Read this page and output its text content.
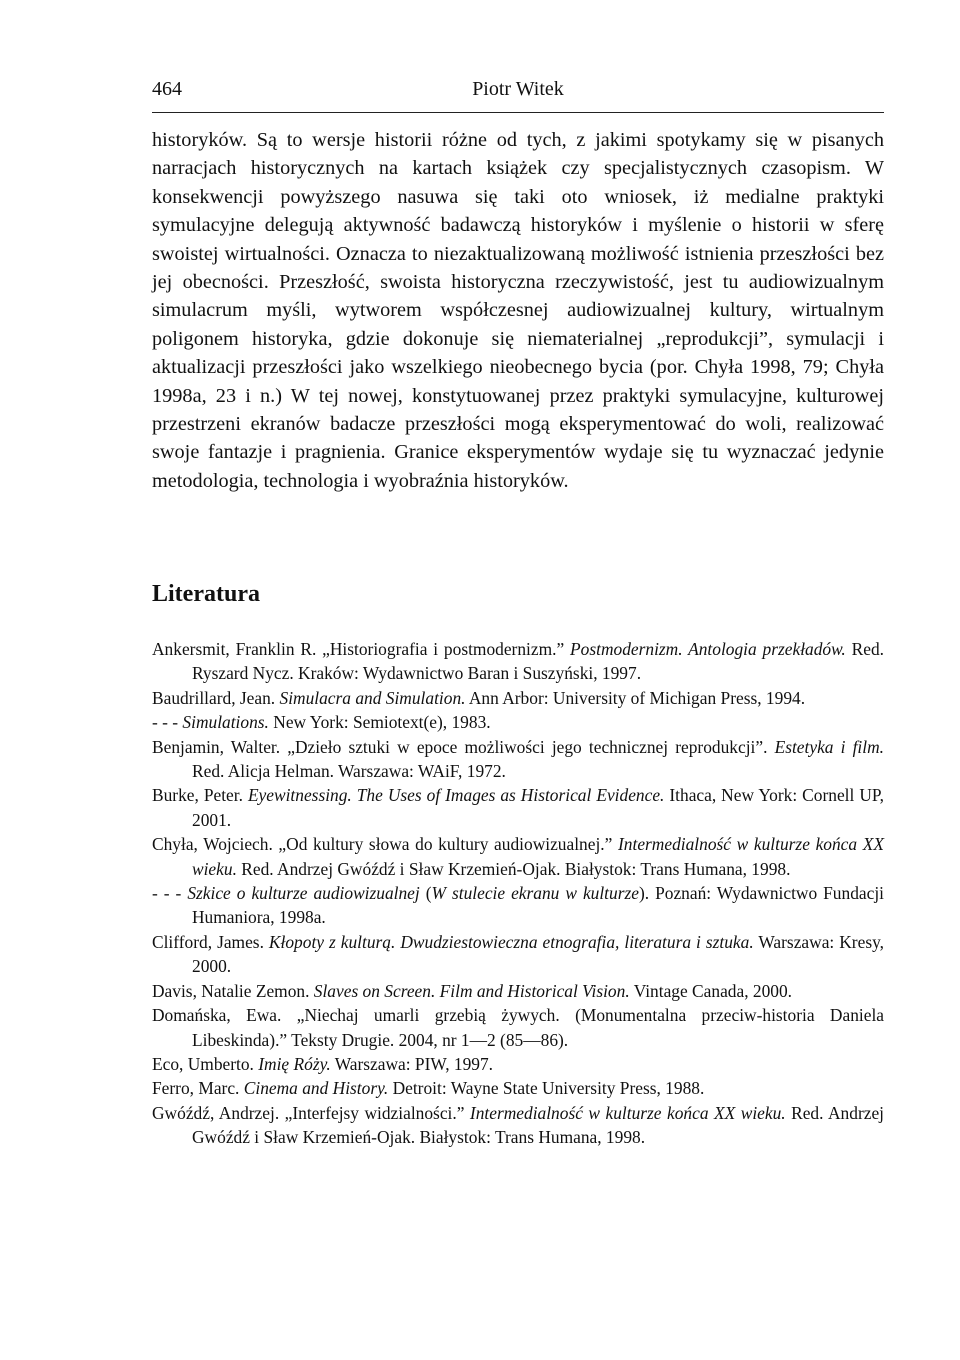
464	Piotr Witek

historyków. Są to wersje historii różne od tych, z jakimi spotykamy się w pisanych narracjach historycznych na kartach książek czy specjalistycznych czasopism. W konsekwencji powyższego nasuwa się taki oto wniosek, iż medialne praktyki symulacyjne delegują aktywność badawczą historyków i myślenie o historii w sferę swoistej wirtualności. Oznacza to niezaktualizowaną możliwość istnienia przeszłości bez jej obecności. Przeszłość, swoista historyczna rzeczywistość, jest tu audiowizualnym simulacrum myśli, wytworem współczesnej audiowizualnej kultury, wirtualnym poligonem historyka, gdzie dokonuje się niematerialnej „reprodukcji”, symulacji i aktualizacji przeszłości jako wszelkiego nieobecnego bycia (por. Chyła 1998, 79; Chyła 1998a, 23 i n.) W tej nowej, konstytuowanej przez praktyki symulacyjne, kulturowej przestrzeni ekranów badacze przeszłości mogą eksperymentować do woli, realizować swoje fantazje i pragnienia. Granice eksperymentów wydaje się tu wyznaczać jedynie metodologia, technologia i wyobraźnia historyków.

Literatura
Ankersmit, Franklin R. „Historiografia i postmodernizm.” Postmodernizm. Antologia przekładów. Red. Ryszard Nycz. Kraków: Wydawnictwo Baran i Suszyński, 1997.
Baudrillard, Jean. Simulacra and Simulation. Ann Arbor: University of Michigan Press, 1994.
- - - Simulations. New York: Semiotext(e), 1983.
Benjamin, Walter. „Dzieło sztuki w epoce możliwości jego technicznej reprodukcji”. Estetyka i film. Red. Alicja Helman. Warszawa: WAiF, 1972.
Burke, Peter. Eyewitnessing. The Uses of Images as Historical Evidence. Ithaca, New York: Cornell UP, 2001.
Chyła, Wojciech. „Od kultury słowa do kultury audiowizualnej.” Intermedialność w kulturze końca XX wieku. Red. Andrzej Gwóźdź i Sław Krzemień-Ojak. Białystok: Trans Humana, 1998.
- - - Szkice o kulturze audiowizualnej (W stulecie ekranu w kulturze). Poznań: Wydawnictwo Fundacji Humaniora, 1998a.
Clifford, James. Kłopoty z kulturą. Dwudziestowieczna etnografia, literatura i sztuka. Warszawa: Kresy, 2000.
Davis, Natalie Zemon. Slaves on Screen. Film and Historical Vision. Vintage Canada, 2000.
Domańska, Ewa. „Niechaj umarli grzebią żywych. (Monumentalna przeciw-historia Daniela Libeskinda).” Teksty Drugie. 2004, nr 1—2 (85—86).
Eco, Umberto. Imię Róży. Warszawa: PIW, 1997.
Ferro, Marc. Cinema and History. Detroit: Wayne State University Press, 1988.
Gwóźdź, Andrzej. „Interfejsy widzialności.” Intermedialność w kulturze końca XX wieku. Red. Andrzej Gwóźdź i Sław Krzemień-Ojak. Białystok: Trans Humana, 1998.
